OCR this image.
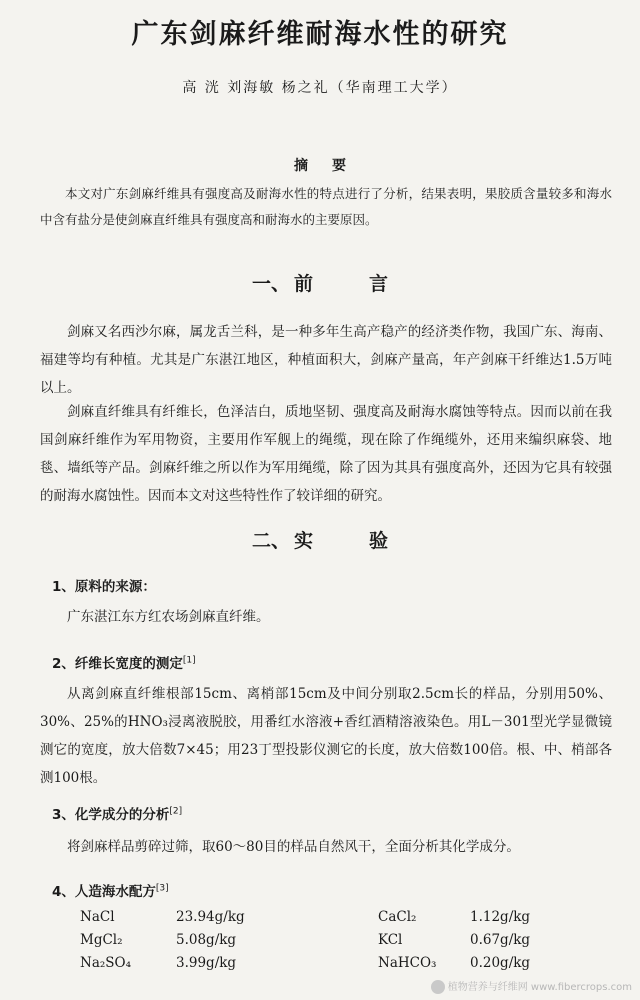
广东剑麻纤维耐海水性的研究
高 洸 刘海敏 杨之礼（华南理工大学）
摘 要
本文对广东剑麻纤维具有强度高及耐海水性的特点进行了分析，结果表明，果胶质含量较多和海水中含有盐分是使剑麻直纤维具有强度高和耐海水的主要原因。
一、 前	言
剑麻又名西沙尔麻，属龙舌兰科，是一种多年生高产稳产的经济类作物，我国广东、海南、福建等均有种植。尤其是广东湛江地区，种植面积大，剑麻产量高，年产剑麻干纤维达1.5万吨以上。
剑麻直纤维具有纤维长，色泽洁白，质地坚韧、强度高及耐海水腐蚀等特点。因而以前在我国剑麻纤维作为军用物资，主要用作军舰上的绳缆，现在除了作绳缆外，还用来编织麻袋、地毯、墙纸等产品。剑麻纤维之所以作为军用绳缆，除了因为其具有强度高外，还因为它具有较强的耐海水腐蚀性。因而本文对这些特性作了较详细的研究。
二、 实	验
1、原料的来源：
广东湛江东方红农场剑麻直纤维。
2、纤维长宽度的测定[1]
从离剑麻直纤维根部15cm、离梢部15cm及中间分别取2.5cm长的样品，分别用50%、30%、25%的HNO₃浸离液脱胶，用番红水溶液+香红酒精溶液染色。用L－301型光学显微镜测它的宽度，放大倍数7×45；用23丁型投影仪测它的长度，放大倍数100倍。根、中、梢部各测100根。
3、化学成分的分析[2]
将剑麻样品剪碎过筛，取60～80目的样品自然风干，全面分析其化学成分。
4、人造海水配方[3]
NaCl	23.94g/kg	CaCl₂	1.12g/kg
MgCl₂	5.08g/kg	KCl	0.67g/kg
Na₂SO₄	3.99g/kg	NaHCO₃ 0.20g/kg
植物营养与纤维网 www.fibercrops.com
